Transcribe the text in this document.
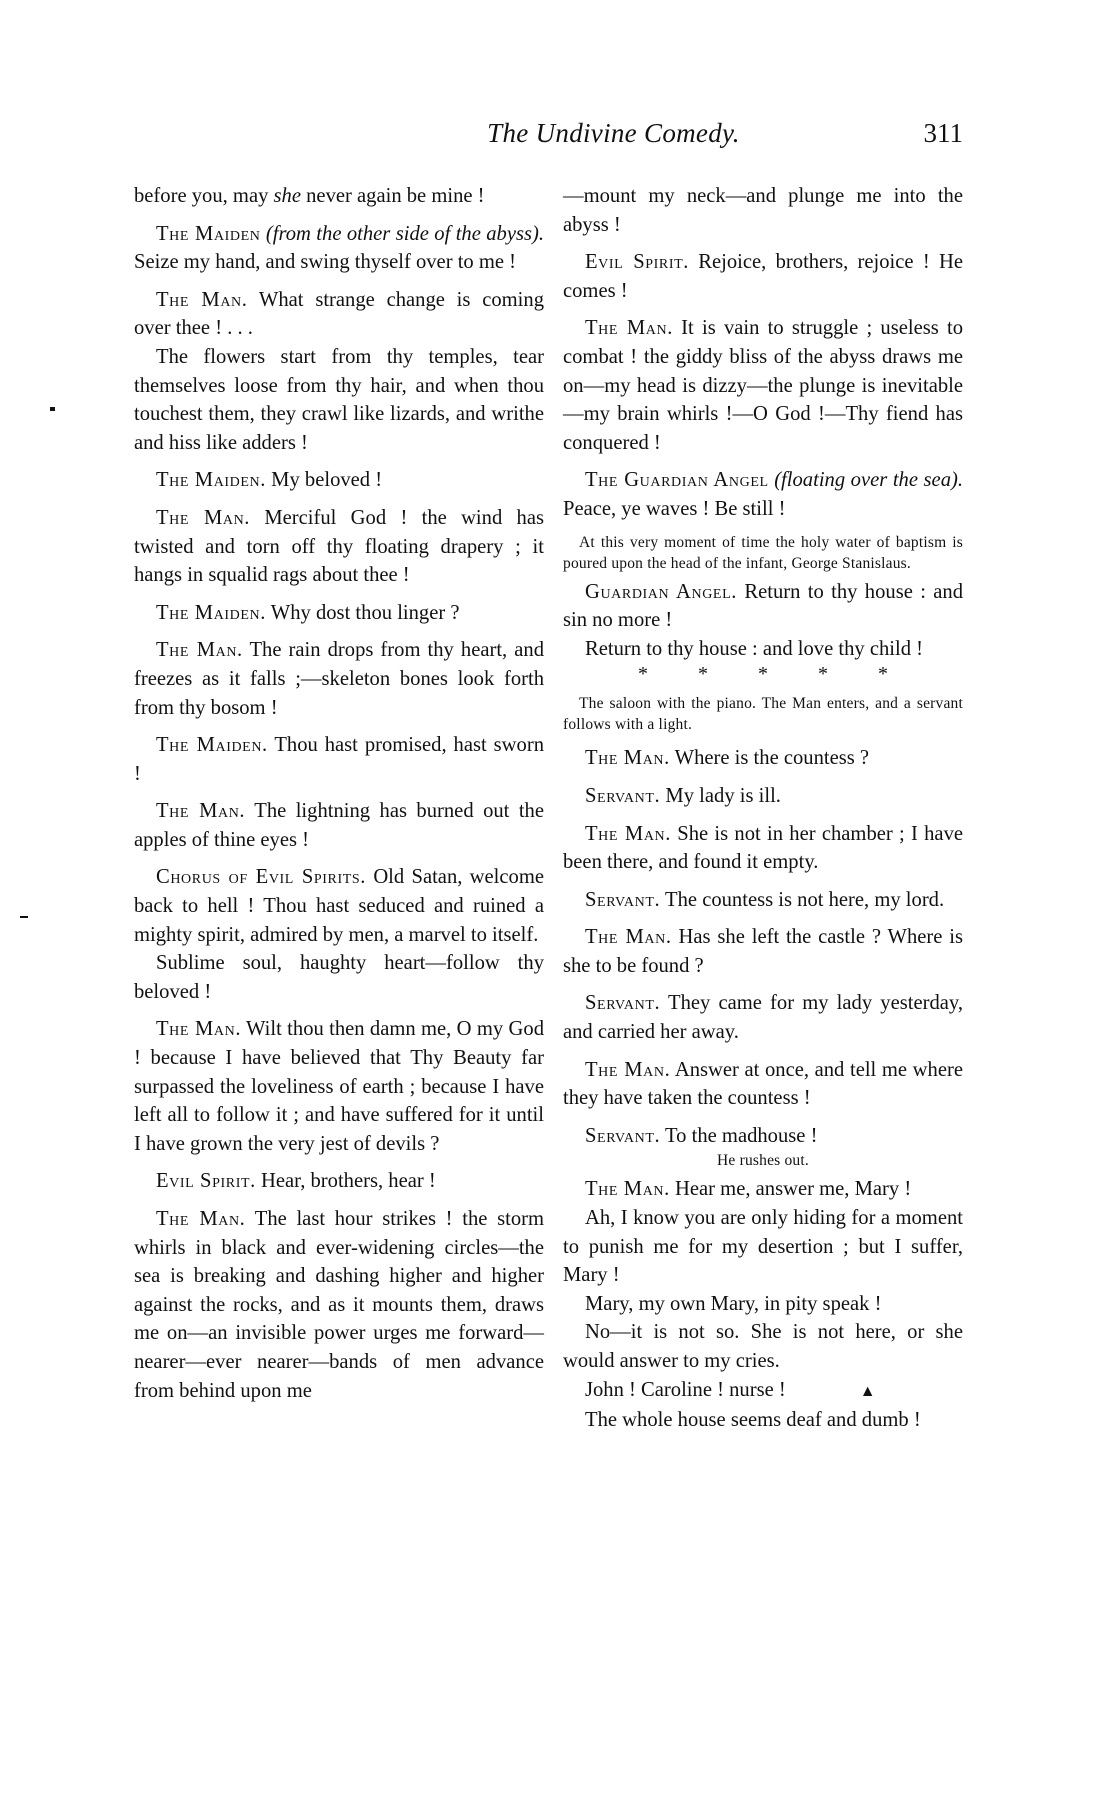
The Undivine Comedy.	311

before you, may she never again be mine !

The Maiden (from the other side of the abyss). Seize my hand, and swing thyself over to me !

The Man. What strange change is coming over thee ! . . .

The flowers start from thy temples, tear themselves loose from thy hair, and when thou touchest them, they crawl like lizards, and writhe and hiss like adders !

The Maiden. My beloved !

The Man. Merciful God ! the wind has twisted and torn off thy floating drapery ; it hangs in squalid rags about thee !

The Maiden. Why dost thou linger ?

The Man. The rain drops from thy heart, and freezes as it falls ;—skeleton bones look forth from thy bosom !

The Maiden. Thou hast promised, hast sworn !

The Man. The lightning has burned out the apples of thine eyes !

Chorus of Evil Spirits. Old Satan, welcome back to hell ! Thou hast seduced and ruined a mighty spirit, admired by men, a marvel to itself.

Sublime soul, haughty heart—follow thy beloved !

The Man. Wilt thou then damn me, O my God ! because I have believed that Thy Beauty far surpassed the loveliness of earth ; because I have left all to follow it ; and have suffered for it until I have grown the very jest of devils ?

Evil Spirit. Hear, brothers, hear !

The Man. The last hour strikes ! the storm whirls in black and ever-widening circles—the sea is breaking and dashing higher and higher against the rocks, and as it mounts them, draws me on—an invisible power urges me forward—nearer—ever nearer—bands of men advance from behind upon me

—mount my neck—and plunge me into the abyss !

Evil Spirit. Rejoice, brothers, rejoice ! He comes !

The Man. It is vain to struggle ; useless to combat ! the giddy bliss of the abyss draws me on—my head is dizzy—the plunge is inevitable—my brain whirls !—O God !—Thy fiend has conquered !

The Guardian Angel (floating over the sea). Peace, ye waves ! Be still !

At this very moment of time the holy water of baptism is poured upon the head of the infant, George Stanislaus.

Guardian Angel. Return to thy house : and sin no more !

Return to thy house : and love thy child !

*	*	*	*	*

The saloon with the piano. The Man enters, and a servant follows with a light.

The Man. Where is the countess ?

Servant. My lady is ill.

The Man. She is not in her chamber ; I have been there, and found it empty.

Servant. The countess is not here, my lord.

The Man. Has she left the castle ? Where is she to be found ?

Servant. They came for my lady yesterday, and carried her away.

The Man. Answer at once, and tell me where they have taken the countess !

Servant. To the madhouse !

He rushes out.

The Man. Hear me, answer me, Mary !

Ah, I know you are only hiding for a moment to punish me for my desertion ; but I suffer, Mary !

Mary, my own Mary, in pity speak !

No—it is not so. She is not here, or she would answer to my cries.

John ! Caroline ! nurse !	▲

The whole house seems deaf and dumb !
